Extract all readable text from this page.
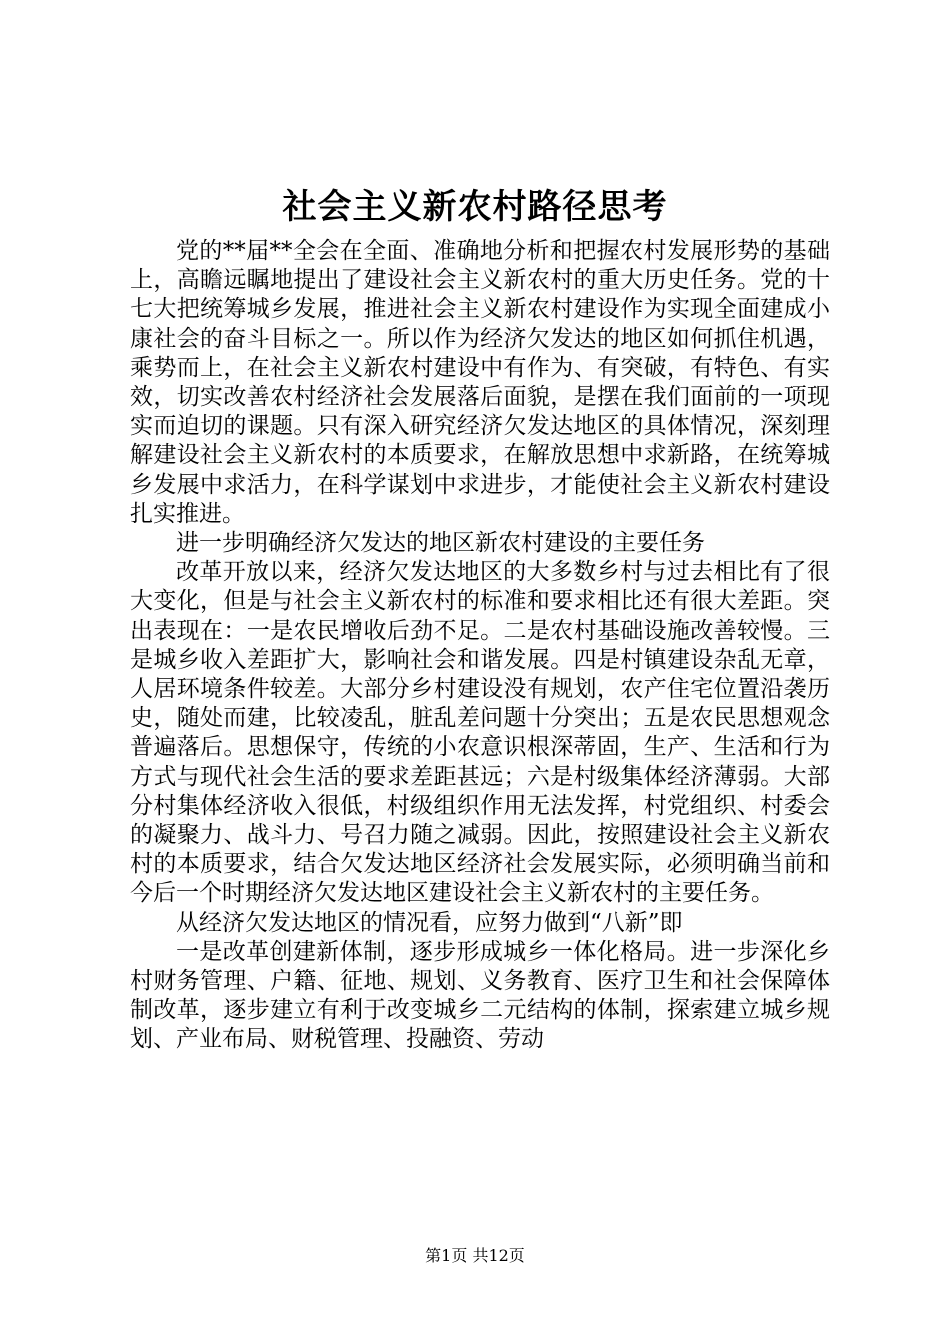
社会主义新农村路径思考

党的**届**全会在全面、准确地分析和把握农村发展形势的基础上，高瞻远瞩地提出了建设社会主义新农村的重大历史任务。党的十七大把统筹城乡发展，推进社会主义新农村建设作为实现全面建成小康社会的奋斗目标之一。所以作为经济欠发达的地区如何抓住机遇，乘势而上，在社会主义新农村建设中有作为、有突破，有特色、有实效，切实改善农村经济社会发展落后面貌，是摆在我们面前的一项现实而迫切的课题。只有深入研究经济欠发达地区的具体情况，深刻理解建设社会主义新农村的本质要求，在解放思想中求新路，在统筹城乡发展中求活力，在科学谋划中求进步，才能使社会主义新农村建设扎实推进。

进一步明确经济欠发达的地区新农村建设的主要任务

改革开放以来，经济欠发达地区的大多数乡村与过去相比有了很大变化，但是与社会主义新农村的标准和要求相比还有很大差距。突出表现在：一是农民增收后劲不足。二是农村基础设施改善较慢。三是城乡收入差距扩大，影响社会和谐发展。四是村镇建设杂乱无章，人居环境条件较差。大部分乡村建设没有规划，农产住宅位置沿袭历史，随处而建，比较凌乱，脏乱差问题十分突出；五是农民思想观念普遍落后。思想保守，传统的小农意识根深蒂固，生产、生活和行为方式与现代社会生活的要求差距甚远；六是村级集体经济薄弱。大部分村集体经济收入很低，村级组织作用无法发挥，村党组织、村委会的凝聚力、战斗力、号召力随之减弱。因此，按照建设社会主义新农村的本质要求，结合欠发达地区经济社会发展实际，必须明确当前和今后一个时期经济欠发达地区建设社会主义新农村的主要任务。

从经济欠发达地区的情况看，应努力做到“八新”即

一是改革创建新体制，逐步形成城乡一体化格局。进一步深化乡村财务管理、户籍、征地、规划、义务教育、医疗卫生和社会保障体制改革，逐步建立有利于改变城乡二元结构的体制，探索建立城乡规划、产业布局、财税管理、投融资、劳动

第1页 共12页
